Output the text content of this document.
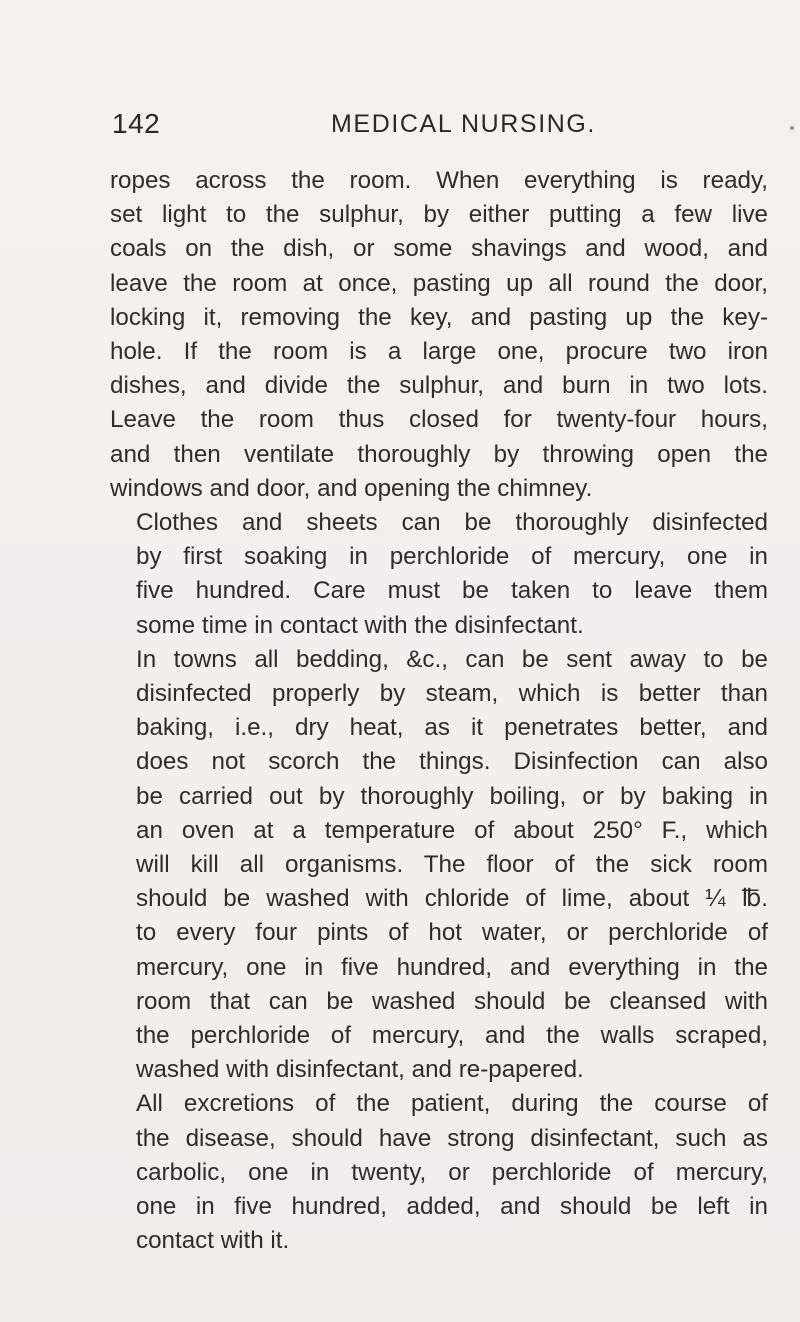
142	MEDICAL NURSING.

ropes across the room. When everything is ready,
set light to the sulphur, by either putting a few live
coals on the dish, or some shavings and wood, and
leave the room at once, pasting up all round the door,
locking it, removing the key, and pasting up the key-
hole. If the room is a large one, procure two iron
dishes, and divide the sulphur, and burn in two lots.
Leave the room thus closed for twenty-four hours,
and then ventilate thoroughly by throwing open the
windows and door, and opening the chimney.

Clothes and sheets can be thoroughly disinfected
by first soaking in perchloride of mercury, one in
five hundred. Care must be taken to leave them
some time in contact with the disinfectant.

In towns all bedding, &c., can be sent away to be
disinfected properly by steam, which is better than
baking, i.e., dry heat, as it penetrates better, and
does not scorch the things. Disinfection can also
be carried out by thoroughly boiling, or by baking in
an oven at a temperature of about 250° F., which
will kill all organisms. The floor of the sick room
should be washed with chloride of lime, about ¼ ℔.
to every four pints of hot water, or perchloride of
mercury, one in five hundred, and everything in the
room that can be washed should be cleansed with
the perchloride of mercury, and the walls scraped,
washed with disinfectant, and re-papered.

All excretions of the patient, during the course of
the disease, should have strong disinfectant, such as
carbolic, one in twenty, or perchloride of mercury,
one in five hundred, added, and should be left in
contact with it.
